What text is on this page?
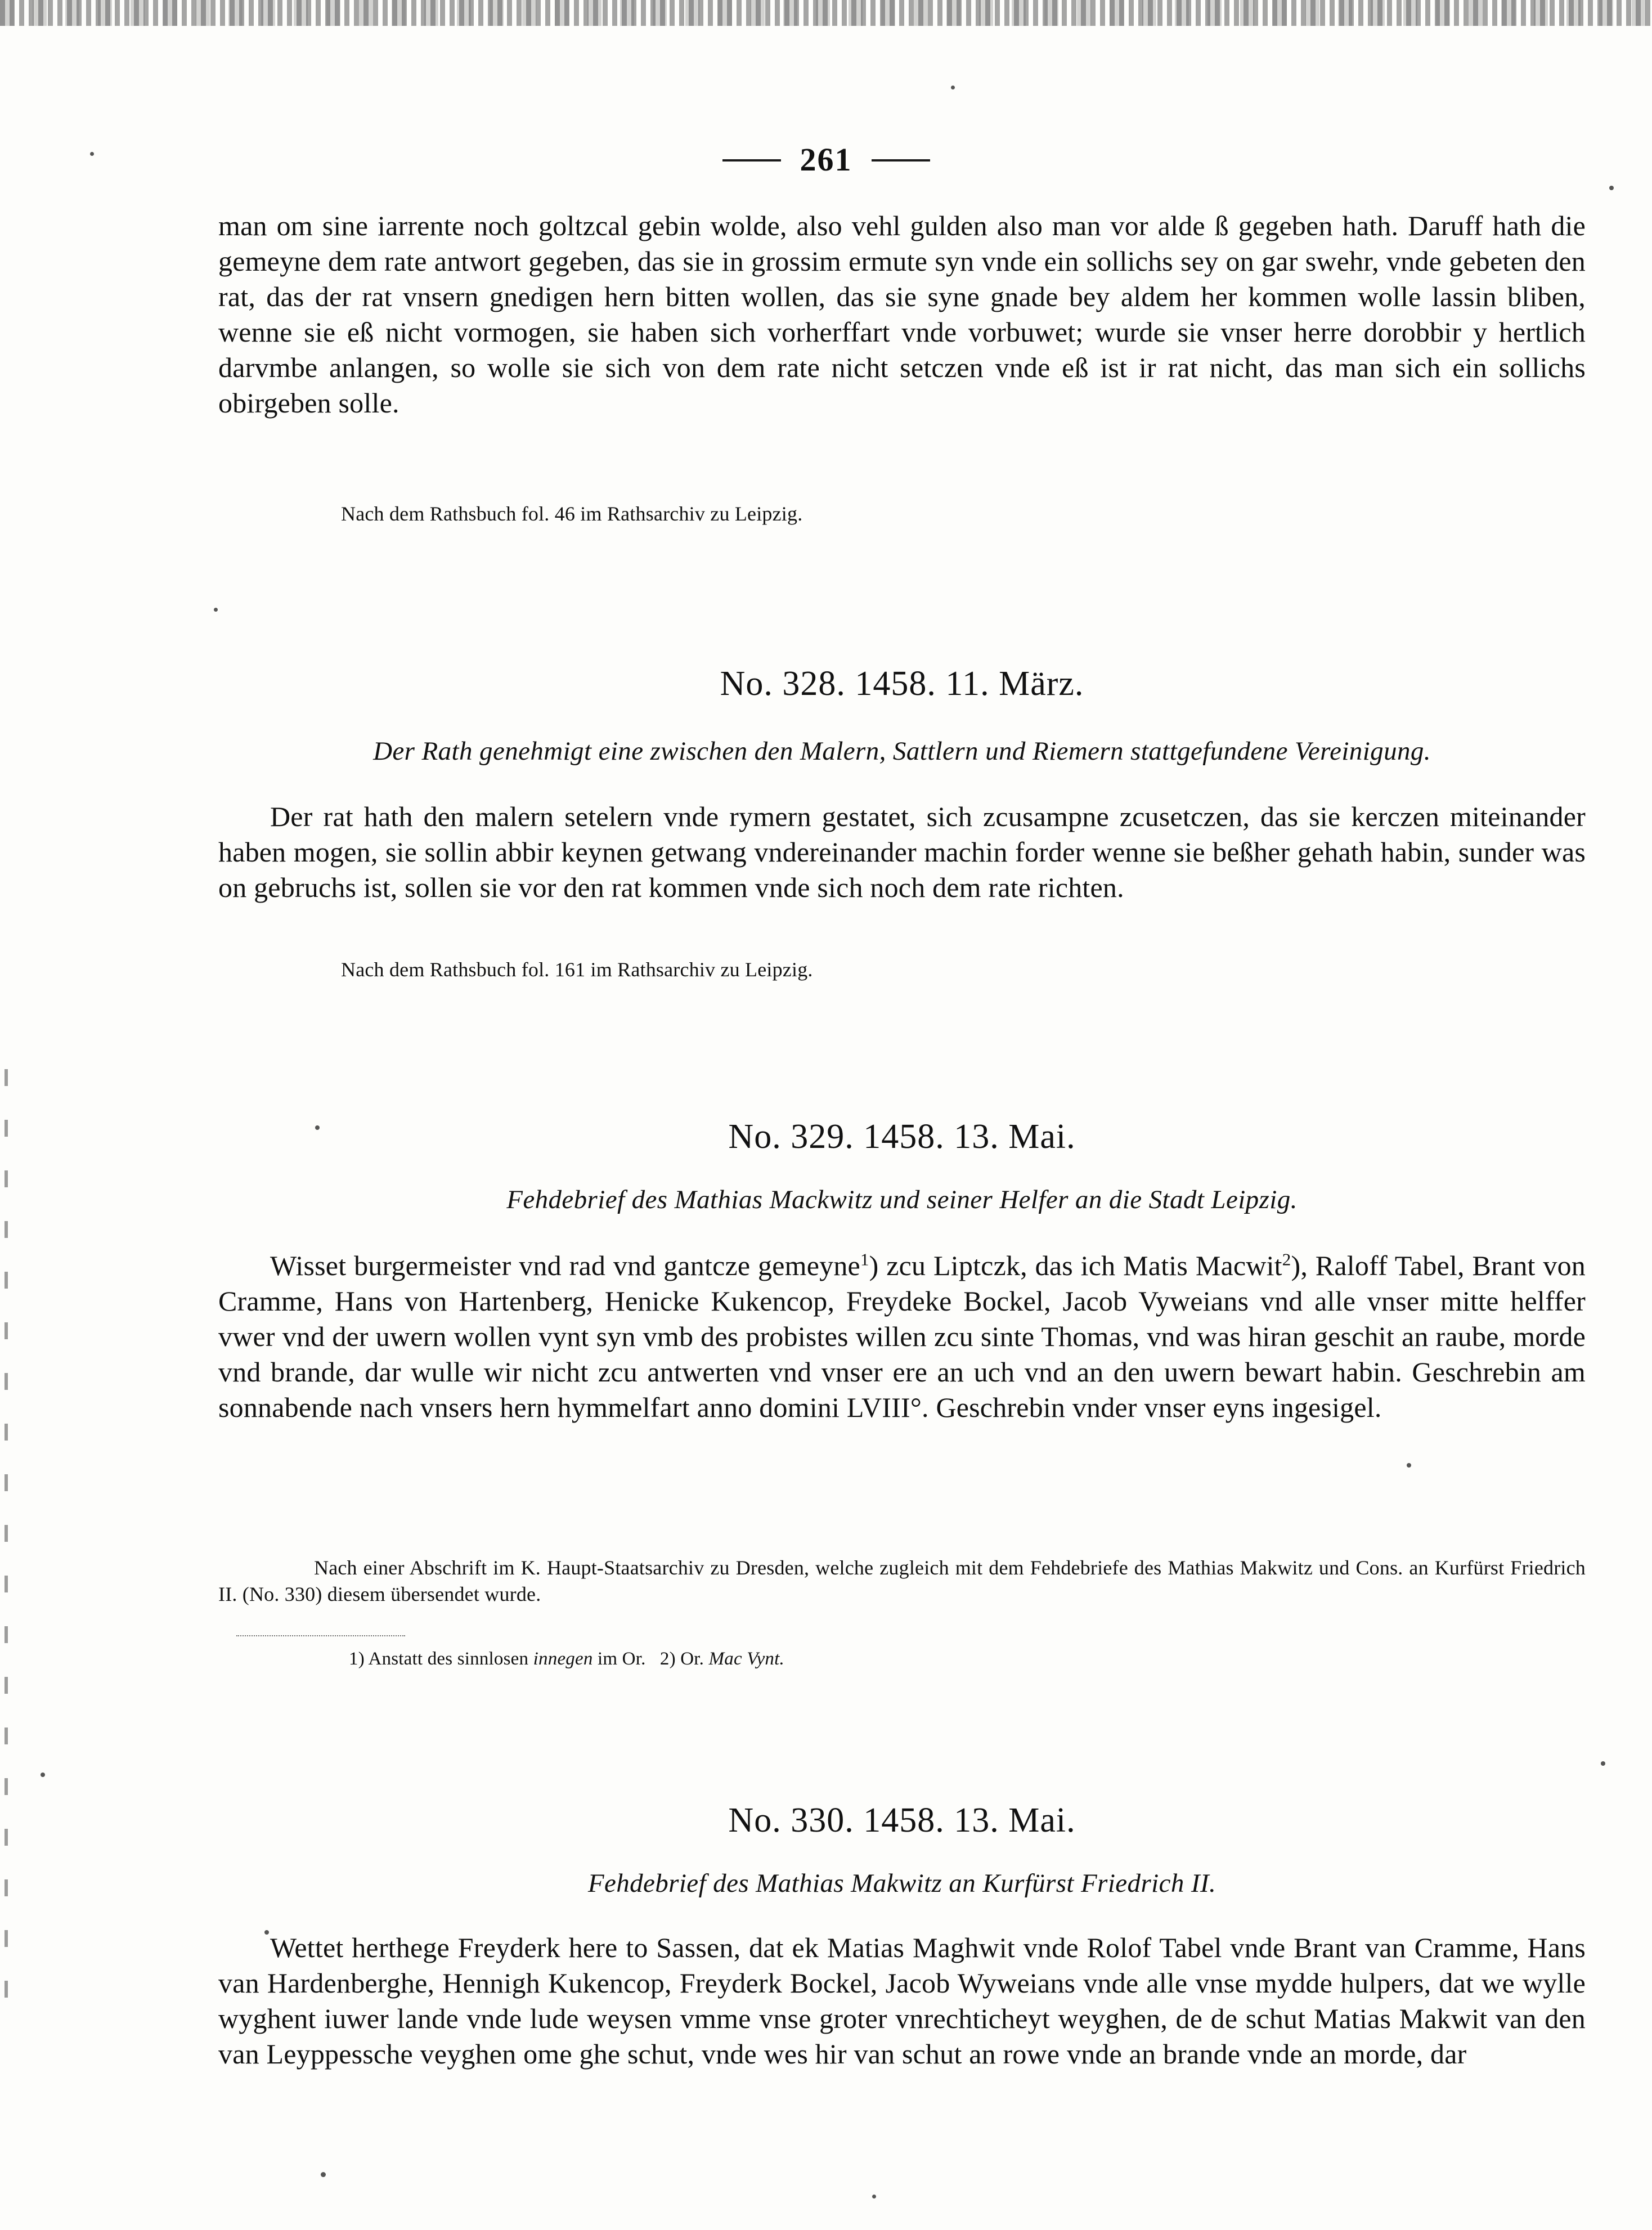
261

man om sine iarrente noch goltzcal gebin wolde, also vehl gulden also man vor alde ß gegeben hath. Daruff hath die gemeyne dem rate antwort gegeben, das sie in grossim ermute syn vnde ein sollichs sey on gar swehr, vnde gebeten den rat, das der rat vnsern gnedigen hern bitten wollen, das sie syne gnade bey aldem her kommen wolle lassin bliben, wenne sie eß nicht vormogen, sie haben sich vorherffart vnde vorbuwet; wurde sie vnser herre dorobbir y hertlich darvmbe anlangen, so wolle sie sich von dem rate nicht setczen vnde eß ist ir rat nicht, das man sich ein sollichs obirgeben solle.

Nach dem Rathsbuch fol. 46 im Rathsarchiv zu Leipzig.

No. 328. 1458. 11. März.

Der Rath genehmigt eine zwischen den Malern, Sattlern und Riemern stattgefundene Vereinigung.

Der rat hath den malern setelern vnde rymern gestatet, sich zcusampne zcusetczen, das sie kerczen miteinander haben mogen, sie sollin abbir keynen getwang vndereinander machin forder wenne sie beßher gehath habin, sunder was on gebruchs ist, sollen sie vor den rat kommen vnde sich noch dem rate richten.

Nach dem Rathsbuch fol. 161 im Rathsarchiv zu Leipzig.

No. 329. 1458. 13. Mai.

Fehdebrief des Mathias Mackwitz und seiner Helfer an die Stadt Leipzig.

Wisset burgermeister vnd rad vnd gantcze gemeyne$^1$) zcu Liptczk, das ich Matis Macwit$^2$), Raloff Tabel, Brant von Cramme, Hans von Hartenberg, Henicke Kukencop, Freydeke Bockel, Jacob Vyweians vnd alle vnser mitte helffer vwer vnd der uwern wollen vynt syn vmb des probistes willen zcu sinte Thomas, vnd was hiran geschit an raube, morde vnd brande, dar wulle wir nicht zcu antwerten vnd vnser ere an uch vnd an den uwern bewart habin. Geschrebin am sonnabende nach vnsers hern hymmelfart anno domini LVIII°. Geschrebin vnder vnser eyns ingesigel.

Nach einer Abschrift im K. Haupt-Staatsarchiv zu Dresden, welche zugleich mit dem Fehdebriefe des Mathias Makwitz und Cons. an Kurfürst Friedrich II. (No. 330) diesem übersendet wurde.

1) Anstatt des sinnlosen innegen im Or. 2) Or. Mac Vynt.
No. 330. 1458. 13. Mai.

Fehdebrief des Mathias Makwitz an Kurfürst Friedrich II.

Wettet herthege Freyderk here to Sassen, dat ek Matias Maghwit vnde Rolof Tabel vnde Brant van Cramme, Hans van Hardenberghe, Hennigh Kukencop, Freyderk Bockel, Jacob Wyweians vnde alle vnse mydde hulpers, dat we wylle wyghent iuwer lande vnde lude weysen vmme vnse groter vnrechticheyt weyghen, de de schut Matias Makwit van den van Leyppessche veyghen ome ghe schut, vnde wes hir van schut an rowe vnde an brande vnde an morde, dar
